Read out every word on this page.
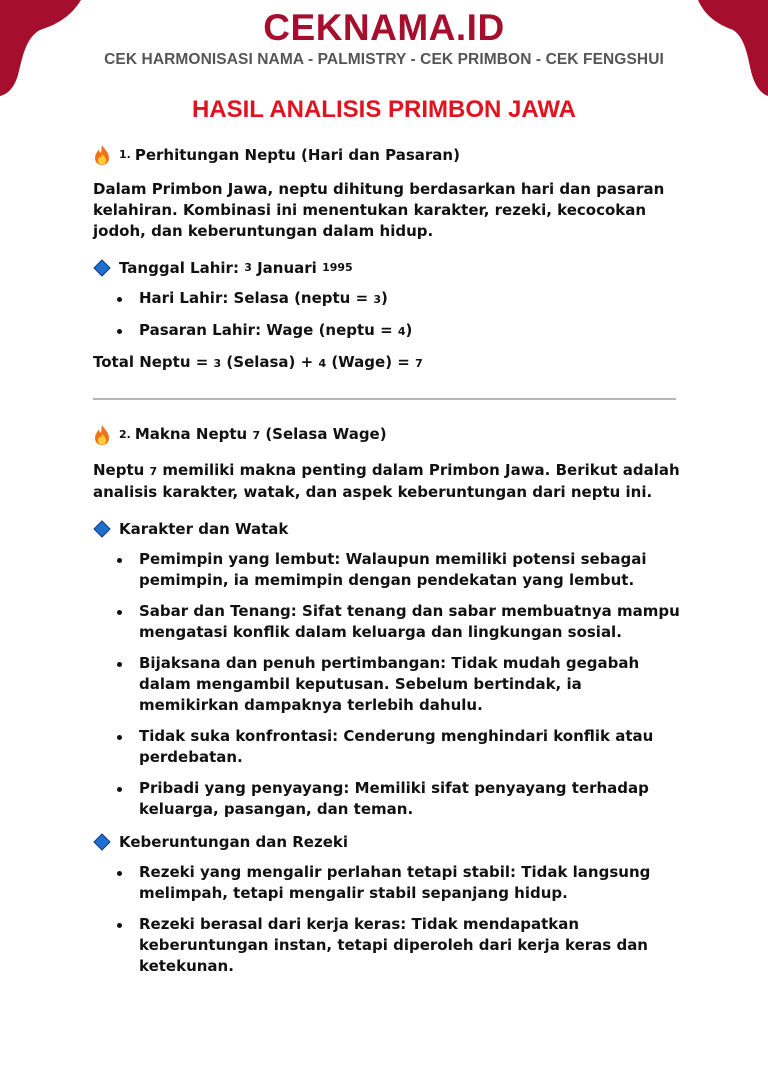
CEKNAMA.ID
CEK HARMONISASI NAMA - PALMISTRY - CEK PRIMBON - CEK FENGSHUI
HASIL ANALISIS PRIMBON JAWA
1. Perhitungan Neptu (Hari dan Pasaran)

Dalam Primbon Jawa, neptu dihitung berdasarkan hari dan pasaran kelahiran. Kombinasi ini menentukan karakter, rezeki, kecocokan jodoh, dan keberuntungan dalam hidup.

Tanggal Lahir:
3
Januari
1995
Hari Lahir: Selasa (neptu = 3)
Pasaran Lahir: Wage (neptu = 4)

Total Neptu = 3 (Selasa) + 4 (Wage) = 7

2. Makna Neptu 7 (Selasa Wage)

Neptu 7 memiliki makna penting dalam Primbon Jawa. Berikut adalah analisis karakter, watak, dan aspek keberuntungan dari neptu ini.

Karakter dan Watak
Pemimpin yang lembut: Walaupun memiliki potensi sebagai pemimpin, ia memimpin dengan pendekatan yang lembut.
Sabar dan Tenang: Sifat tenang dan sabar membuatnya mampu mengatasi konflik dalam keluarga dan lingkungan sosial.
Bijaksana dan penuh pertimbangan: Tidak mudah gegabah dalam mengambil keputusan. Sebelum bertindak, ia memikirkan dampaknya terlebih dahulu.
Tidak suka konfrontasi: Cenderung menghindari konflik atau perdebatan.
Pribadi yang penyayang: Memiliki sifat penyayang terhadap keluarga, pasangan, dan teman.
Keberuntungan dan Rezeki
Rezeki yang mengalir perlahan tetapi stabil: Tidak langsung melimpah, tetapi mengalir stabil sepanjang hidup.
Rezeki berasal dari kerja keras: Tidak mendapatkan keberuntungan instan, tetapi diperoleh dari kerja keras dan ketekunan.
